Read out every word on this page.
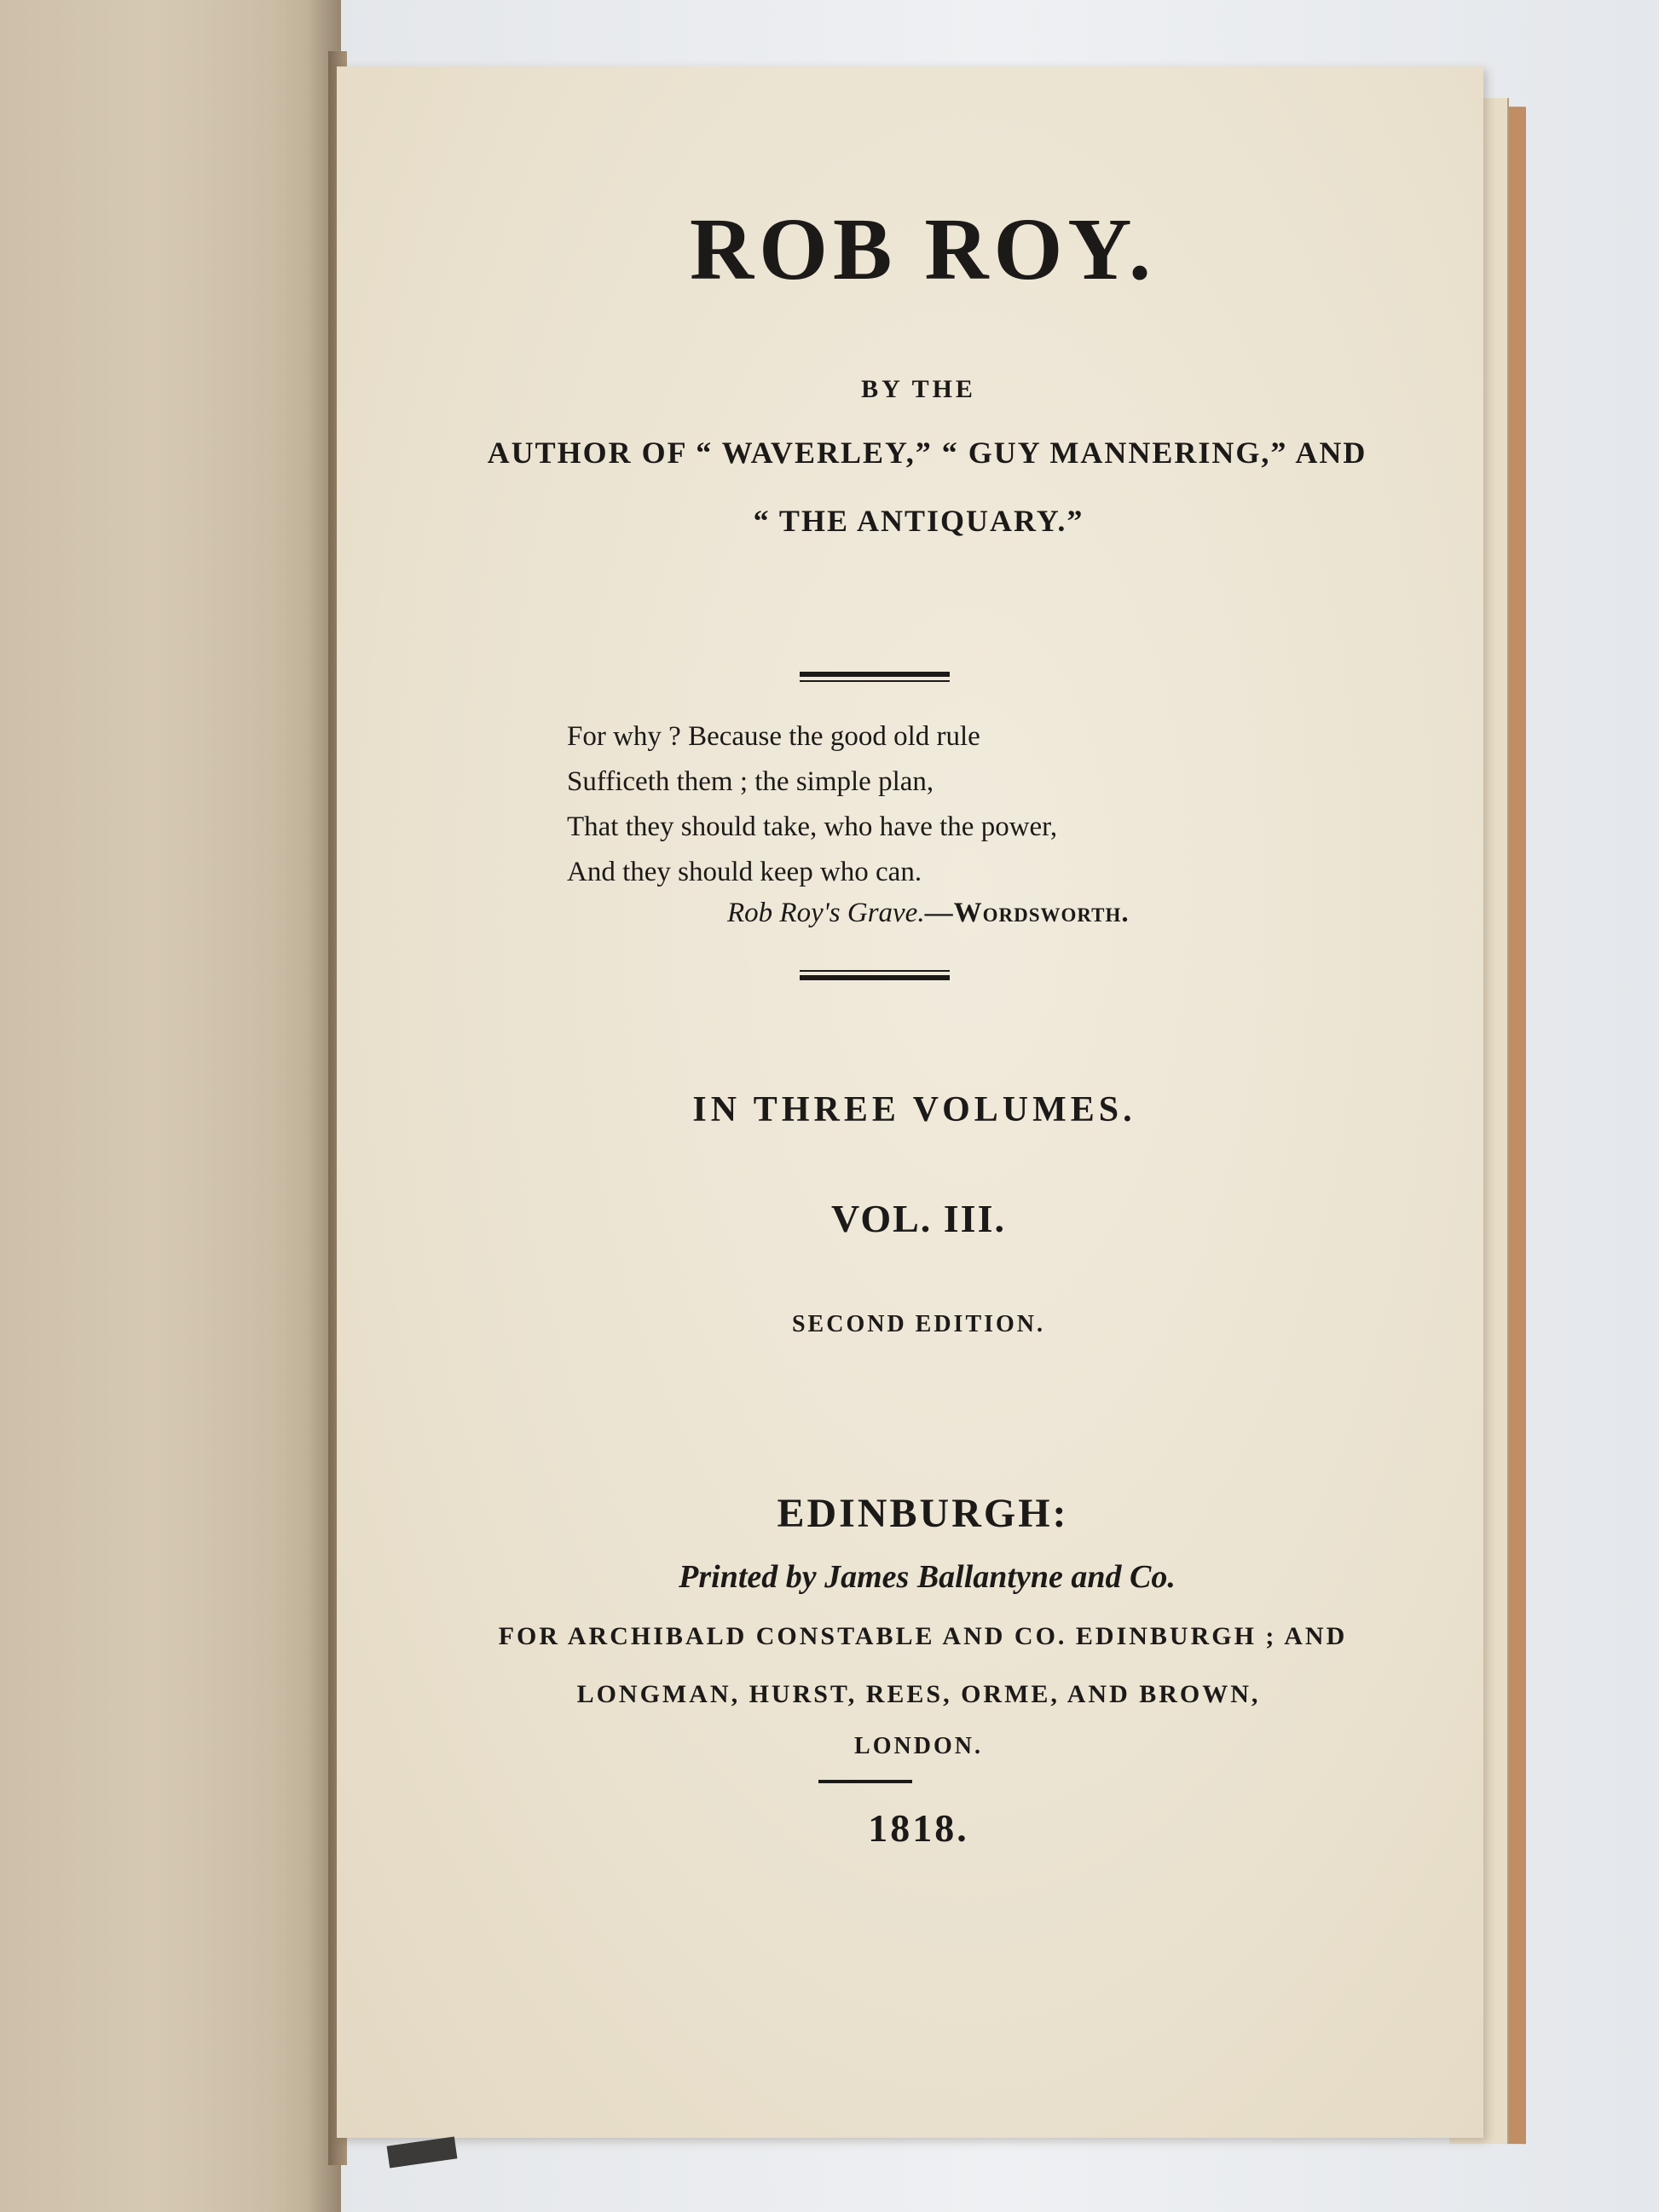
ROB ROY.
BY THE
AUTHOR OF “ WAVERLEY,” “ GUY MANNERING,” AND
“ THE ANTIQUARY.”
For why ? Because the good old rule
Sufficeth them ; the simple plan,
That they should take, who have the power,
And they should keep who can.
Rob Roy's Grave.—Wordsworth.
IN THREE VOLUMES.
VOL. III.
SECOND EDITION.
EDINBURGH:
Printed by James Ballantyne and Co.
FOR ARCHIBALD CONSTABLE AND CO. EDINBURGH ; AND
LONGMAN, HURST, REES, ORME, AND BROWN,
LONDON.
1818.
